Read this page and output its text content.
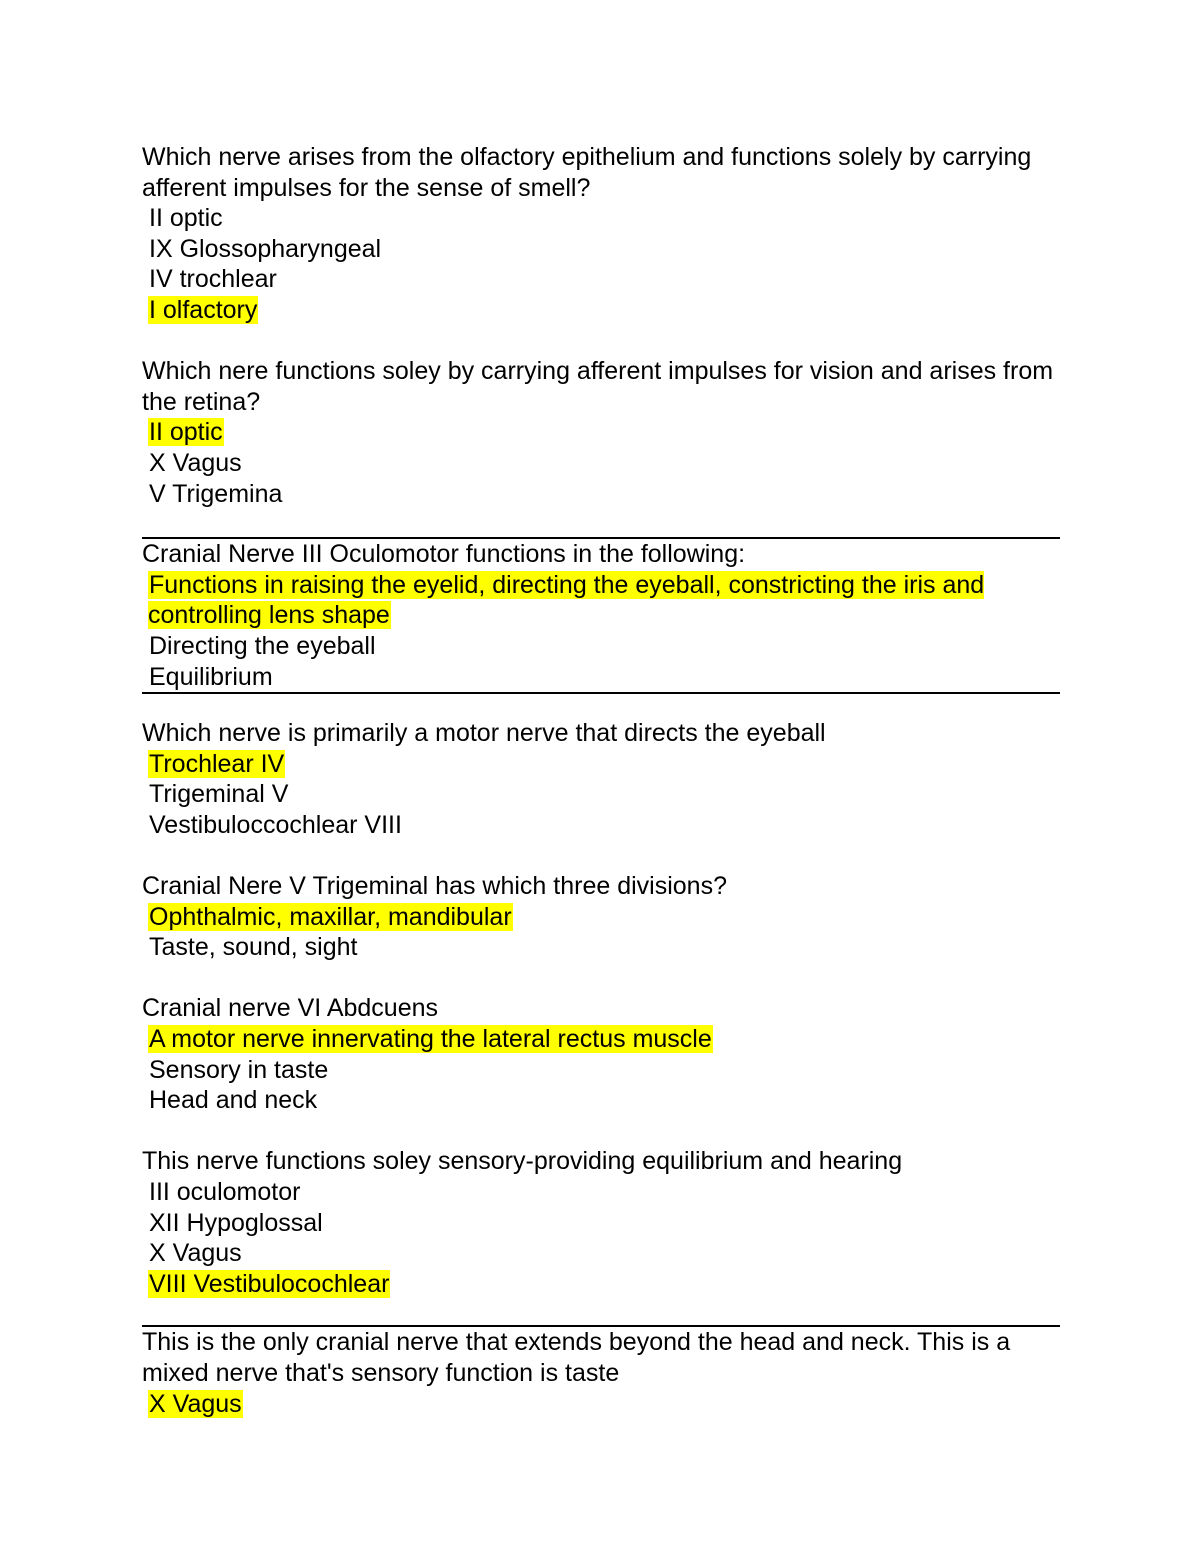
Which nerve arises from the olfactory epithelium and functions solely by carrying afferent impulses for the sense of smell?
II optic
IX Glossopharyngeal
IV trochlear
I olfactory
Which nere functions soley by carrying afferent impulses for vision and arises from the retina?
II optic
X Vagus
V Trigemina
Cranial Nerve III Oculomotor functions in the following:
Functions in raising the eyelid, directing the eyeball, constricting the iris and controlling lens shape
Directing the eyeball
Equilibrium
Which nerve is primarily a motor nerve that directs the eyeball
Trochlear IV
Trigeminal V
Vestibuloccochlear VIII
Cranial Nere V Trigeminal has which three divisions?
Ophthalmic, maxillar, mandibular
Taste, sound, sight
Cranial nerve VI Abdcuens
A motor nerve innervating the lateral rectus muscle
Sensory in taste
Head and neck
This nerve functions soley sensory-providing equilibrium and hearing
III oculomotor
XII Hypoglossal
X Vagus
VIII Vestibulocochlear
This is the only cranial nerve that extends beyond the head and neck. This is a mixed nerve that's sensory function is taste
X Vagus
